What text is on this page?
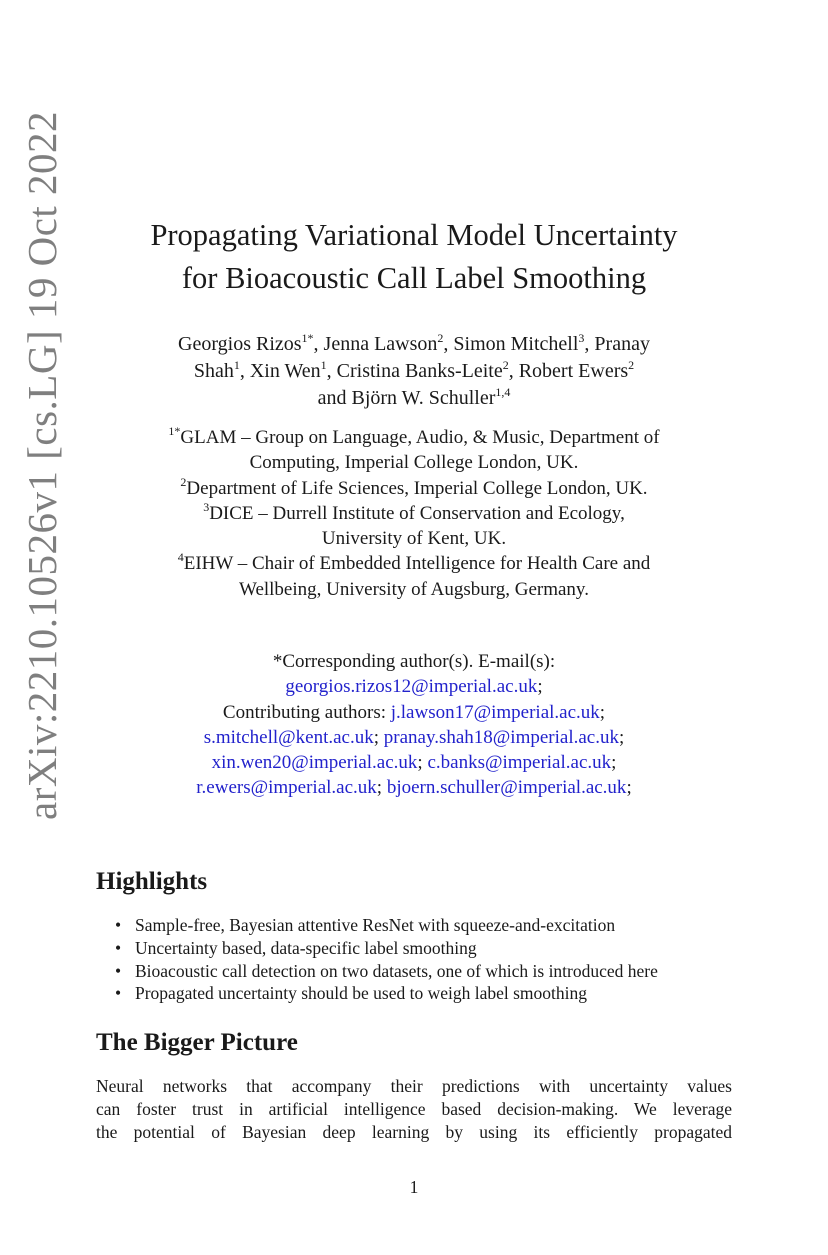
arXiv:2210.10526v1 [cs.LG] 19 Oct 2022	Propagating Variational Model Uncertainty
for Bioacoustic Call Label Smoothing
Georgios Rizos$^{1*}$, Jenna Lawson$^2$, Simon Mitchell$^3$, Pranay
Shah$^1$, Xin Wen$^1$, Cristina Banks-Leite$^2$, Robert Ewers$^2$
and Björn W. Schuller$^{1,4}$
$^{1*}$GLAM – Group on Language, Audio, & Music, Department of
Computing, Imperial College London, UK.
$^2$Department of Life Sciences, Imperial College London, UK.
$^3$DICE – Durrell Institute of Conservation and Ecology,
University of Kent, UK.
$^4$EIHW – Chair of Embedded Intelligence for Health Care and
Wellbeing, University of Augsburg, Germany.
*Corresponding author(s). E-mail(s):
georgios.rizos12@imperial.ac.uk;
Contributing authors: j.lawson17@imperial.ac.uk;
s.mitchell@kent.ac.uk; pranay.shah18@imperial.ac.uk;
xin.wen20@imperial.ac.uk; c.banks@imperial.ac.uk;
r.ewers@imperial.ac.uk; bjoern.schuller@imperial.ac.uk;
Highlights
• Sample-free, Bayesian attentive ResNet with squeeze-and-excitation
• Uncertainty based, data-specific label smoothing
• Bioacoustic call detection on two datasets, one of which is introduced here
• Propagated uncertainty should be used to weigh label smoothing
The Bigger Picture

Neural networks that accompany their predictions with uncertainty values
can foster trust in artificial intelligence based decision-making. We leverage
the potential of Bayesian deep learning by using its efficiently propagated

1
